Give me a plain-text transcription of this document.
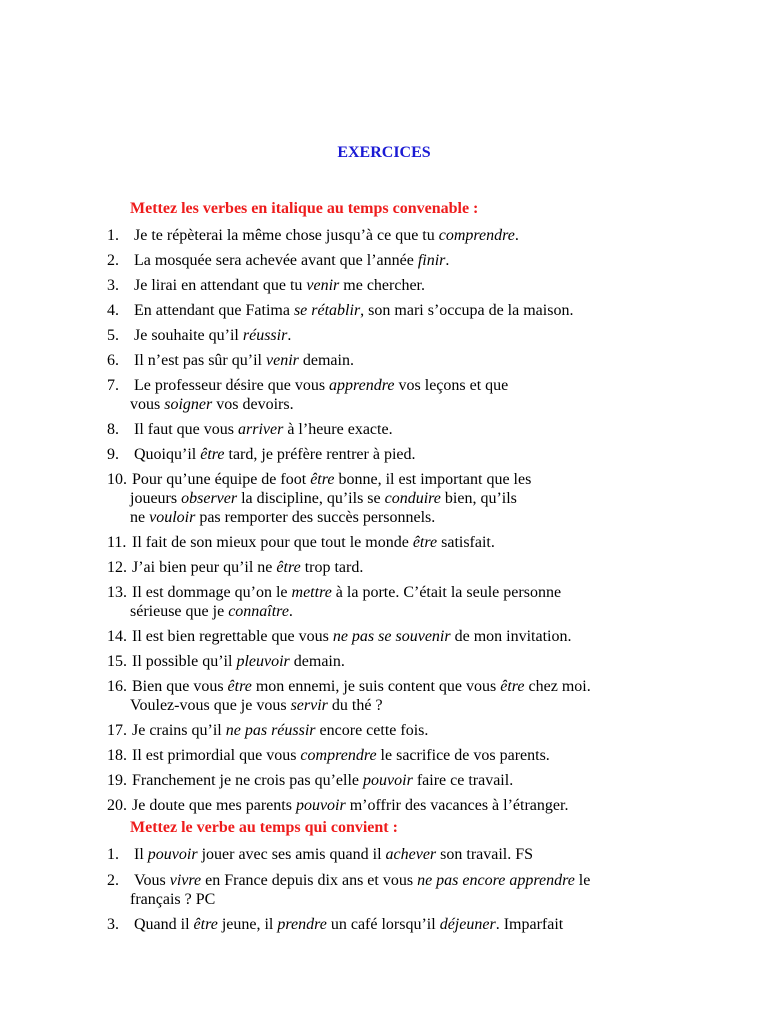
EXERCICES
Mettez les verbes en italique au temps convenable :
Mettez le verbe au temps qui convient :
1. Je te répèterai la même chose jusqu’à ce que tu comprendre.
2. La mosquée sera achevée avant que l’année finir.
3. Je lirai en attendant que tu venir me chercher.
4. En attendant que Fatima se rétablir, son mari s’occupa de la maison.
5. Je souhaite qu’il réussir.
6. Il n’est pas sûr qu’il venir demain.
7. Le professeur désire que vous apprendre vos leçons et que
vous soigner vos devoirs.
8. Il faut que vous arriver à l’heure exacte.
9. Quoiqu’il être tard, je préfère rentrer à pied.
10. Pour qu’une équipe de foot être bonne, il est important que les
joueurs observer la discipline, qu’ils se conduire bien, qu’ils
ne vouloir pas remporter des succès personnels.
11. Il fait de son mieux pour que tout le monde être satisfait.
12. J’ai bien peur qu’il ne être trop tard.
13. Il est dommage qu’on le mettre à la porte. C’était la seule personne
sérieuse que je connaître.
14. Il est bien regrettable que vous ne pas se souvenir de mon invitation.
15. Il possible qu’il pleuvoir demain.
16. Bien que vous être mon ennemi, je suis content que vous être chez moi.
Voulez-vous que je vous servir du thé ?
17. Je crains qu’il ne pas réussir encore cette fois.
18. Il est primordial que vous comprendre le sacrifice de vos parents.
19. Franchement je ne crois pas qu’elle pouvoir faire ce travail.
20. Je doute que mes parents pouvoir m’offrir des vacances à l’étranger.
1. Il pouvoir jouer avec ses amis quand il achever son travail. FS
2. Vous vivre en France depuis dix ans et vous ne pas encore apprendre le
français ? PC
3. Quand il être jeune, il prendre un café lorsqu’il déjeuner. Imparfait
